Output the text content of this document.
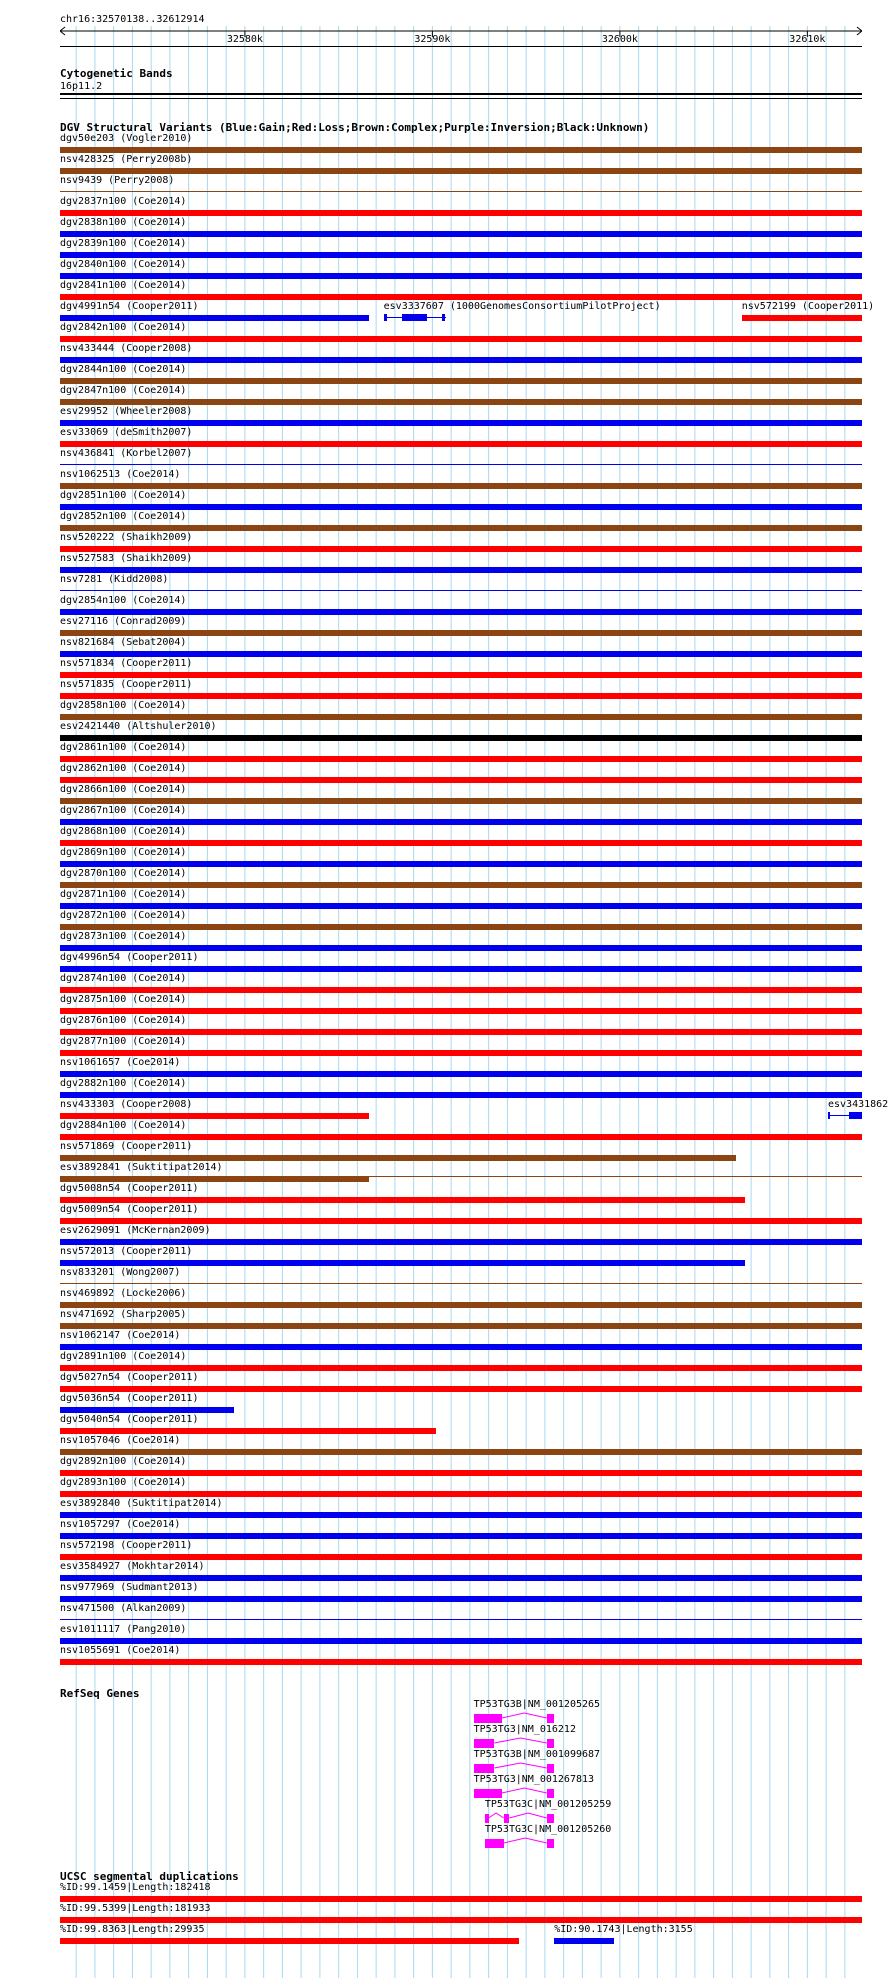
chr16:32570138..32612914
32580k	32590k	32600k	32610k
Cytogenetic Bands
16p11.2
DGV Structural Variants (Blue:Gain;Red:Loss;Brown:Complex;Purple:Inversion;Black:Unknown)
dgv50e203 (Vogler2010)
nsv428325 (Perry2008b)
nsv9439 (Perry2008)
dgv2837n100 (Coe2014)
dgv2838n100 (Coe2014)
dgv2839n100 (Coe2014)
dgv2840n100 (Coe2014)
dgv2841n100 (Coe2014)
dgv4991n54 (Cooper2011)	esv3337607 (1000GenomesConsortiumPilotProject)	nsv572199 (Cooper2011)
dgv2842n100 (Coe2014)
nsv433444 (Cooper2008)
dgv2844n100 (Coe2014)
dgv2847n100 (Coe2014)
esv29952 (Wheeler2008)
esv33069 (deSmith2007)
nsv436841 (Korbel2007)
nsv1062513 (Coe2014)
dgv2851n100 (Coe2014)
dgv2852n100 (Coe2014)
nsv520222 (Shaikh2009)
nsv527583 (Shaikh2009)
nsv7281 (Kidd2008)
dgv2854n100 (Coe2014)
esv27116 (Conrad2009)
nsv821684 (Sebat2004)
nsv571834 (Cooper2011)
nsv571835 (Cooper2011)
dgv2858n100 (Coe2014)
esv2421440 (Altshuler2010)
dgv2861n100 (Coe2014)
dgv2862n100 (Coe2014)
dgv2866n100 (Coe2014)
dgv2867n100 (Coe2014)
dgv2868n100 (Coe2014)
dgv2869n100 (Coe2014)
dgv2870n100 (Coe2014)
dgv2871n100 (Coe2014)
dgv2872n100 (Coe2014)
dgv2873n100 (Coe2014)
dgv4996n54 (Cooper2011)
dgv2874n100 (Coe2014)
dgv2875n100 (Coe2014)
dgv2876n100 (Coe2014)
dgv2877n100 (Coe2014)
nsv1061657 (Coe2014)
dgv2882n100 (Coe2014)
nsv433303 (Cooper2008)	esv3431862
dgv2884n100 (Coe2014)
nsv571869 (Cooper2011)
esv3892841 (Suktitipat2014)
dgv5008n54 (Cooper2011)
dgv5009n54 (Cooper2011)
esv2629091 (McKernan2009)
nsv572013 (Cooper2011)
nsv833201 (Wong2007)
nsv469892 (Locke2006)
nsv471692 (Sharp2005)
nsv1062147 (Coe2014)
dgv2891n100 (Coe2014)
dgv5027n54 (Cooper2011)
dgv5036n54 (Cooper2011)
dgv5040n54 (Cooper2011)
nsv1057046 (Coe2014)
dgv2892n100 (Coe2014)
dgv2893n100 (Coe2014)
esv3892840 (Suktitipat2014)
nsv1057297 (Coe2014)
nsv572198 (Cooper2011)
esv3584927 (Mokhtar2014)
nsv977969 (Sudmant2013)
nsv471500 (Alkan2009)
esv1011117 (Pang2010)
nsv1055691 (Coe2014)
RefSeq Genes
TP53TG3B|NM_001205265
TP53TG3|NM_016212
TP53TG3B|NM_001099687
TP53TG3|NM_001267813
TP53TG3C|NM_001205259
TP53TG3C|NM_001205260
UCSC segmental duplications
%ID:99.1459|Length:182418
%ID:99.5399|Length:181933
%ID:99.8363|Length:29935	%ID:90.1743|Length:3155
